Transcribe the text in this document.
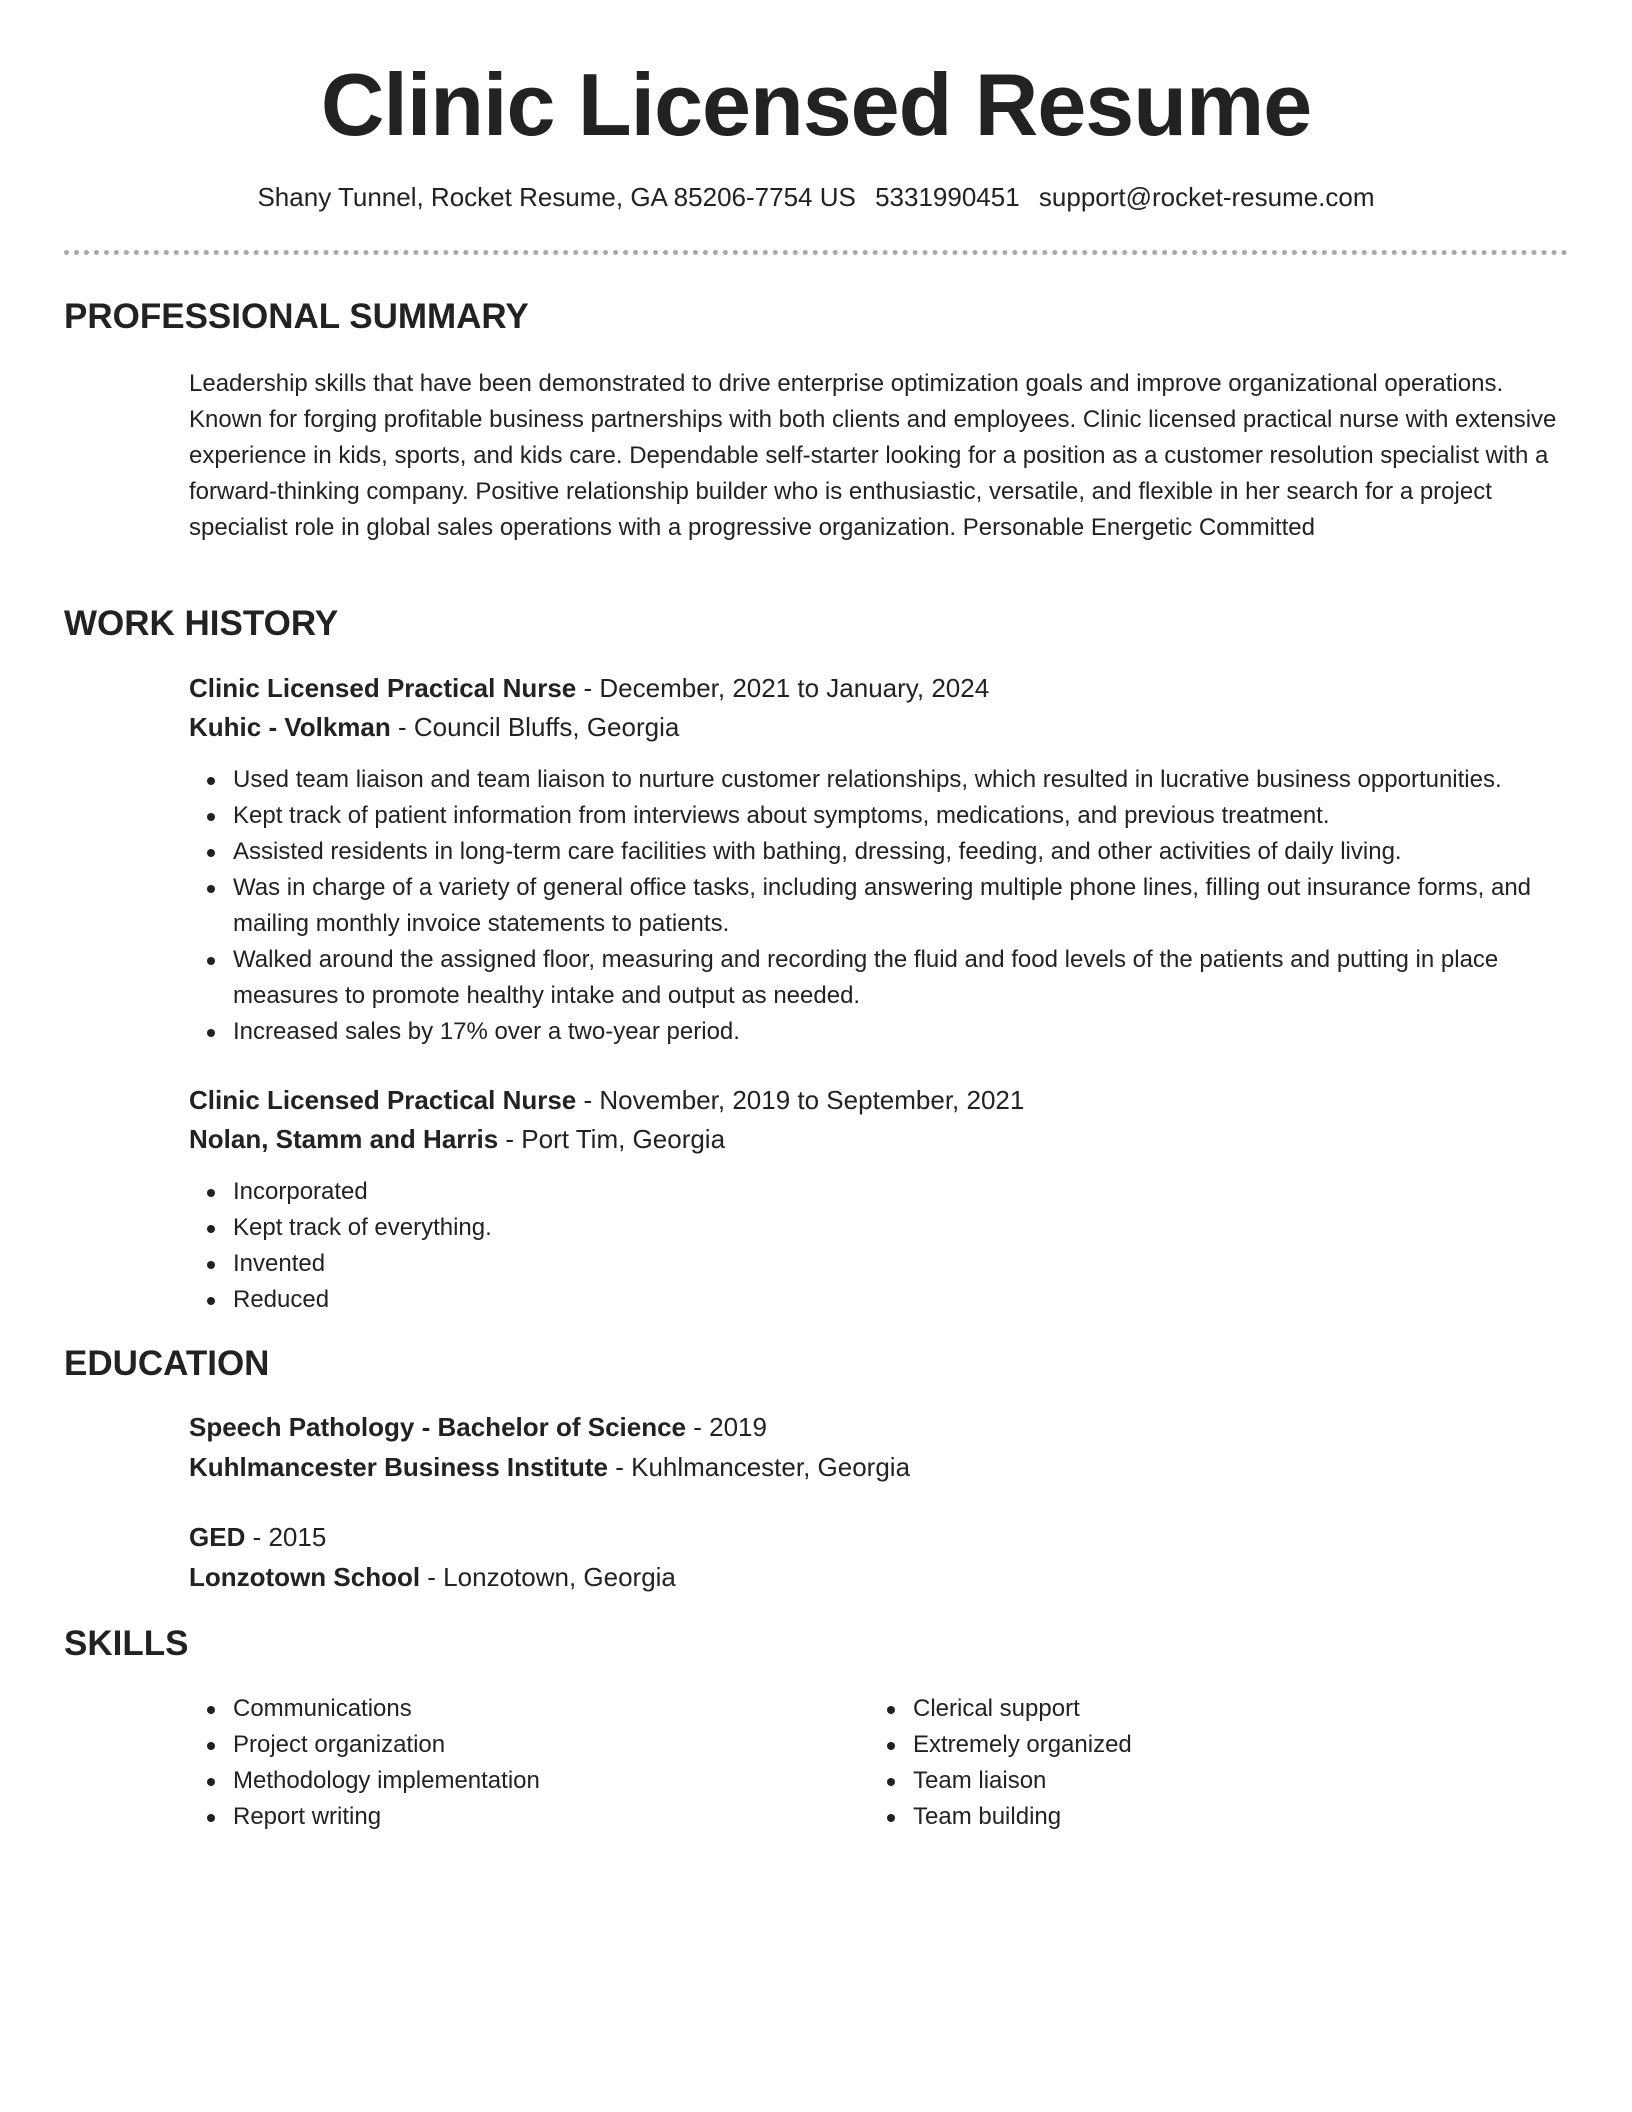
Clinic Licensed Resume
Shany Tunnel, Rocket Resume, GA 85206-7754 US 5331990451 support@rocket-resume.com
PROFESSIONAL SUMMARY
Leadership skills that have been demonstrated to drive enterprise optimization goals and improve organizational operations. Known for forging profitable business partnerships with both clients and employees. Clinic licensed practical nurse with extensive experience in kids, sports, and kids care. Dependable self-starter looking for a position as a customer resolution specialist with a forward-thinking company. Positive relationship builder who is enthusiastic, versatile, and flexible in her search for a project specialist role in global sales operations with a progressive organization. Personable Energetic Committed
WORK HISTORY
Clinic Licensed Practical Nurse - December, 2021 to January, 2024
Kuhic - Volkman - Council Bluffs, Georgia
Used team liaison and team liaison to nurture customer relationships, which resulted in lucrative business opportunities.
Kept track of patient information from interviews about symptoms, medications, and previous treatment.
Assisted residents in long-term care facilities with bathing, dressing, feeding, and other activities of daily living.
Was in charge of a variety of general office tasks, including answering multiple phone lines, filling out insurance forms, and mailing monthly invoice statements to patients.
Walked around the assigned floor, measuring and recording the fluid and food levels of the patients and putting in place measures to promote healthy intake and output as needed.
Increased sales by 17% over a two-year period.
Clinic Licensed Practical Nurse - November, 2019 to September, 2021
Nolan, Stamm and Harris - Port Tim, Georgia
Incorporated
Kept track of everything.
Invented
Reduced
EDUCATION
Speech Pathology - Bachelor of Science - 2019
Kuhlmancester Business Institute - Kuhlmancester, Georgia
GED - 2015
Lonzotown School - Lonzotown, Georgia
SKILLS
Communications
Project organization
Methodology implementation
Report writing
Clerical support
Extremely organized
Team liaison
Team building
